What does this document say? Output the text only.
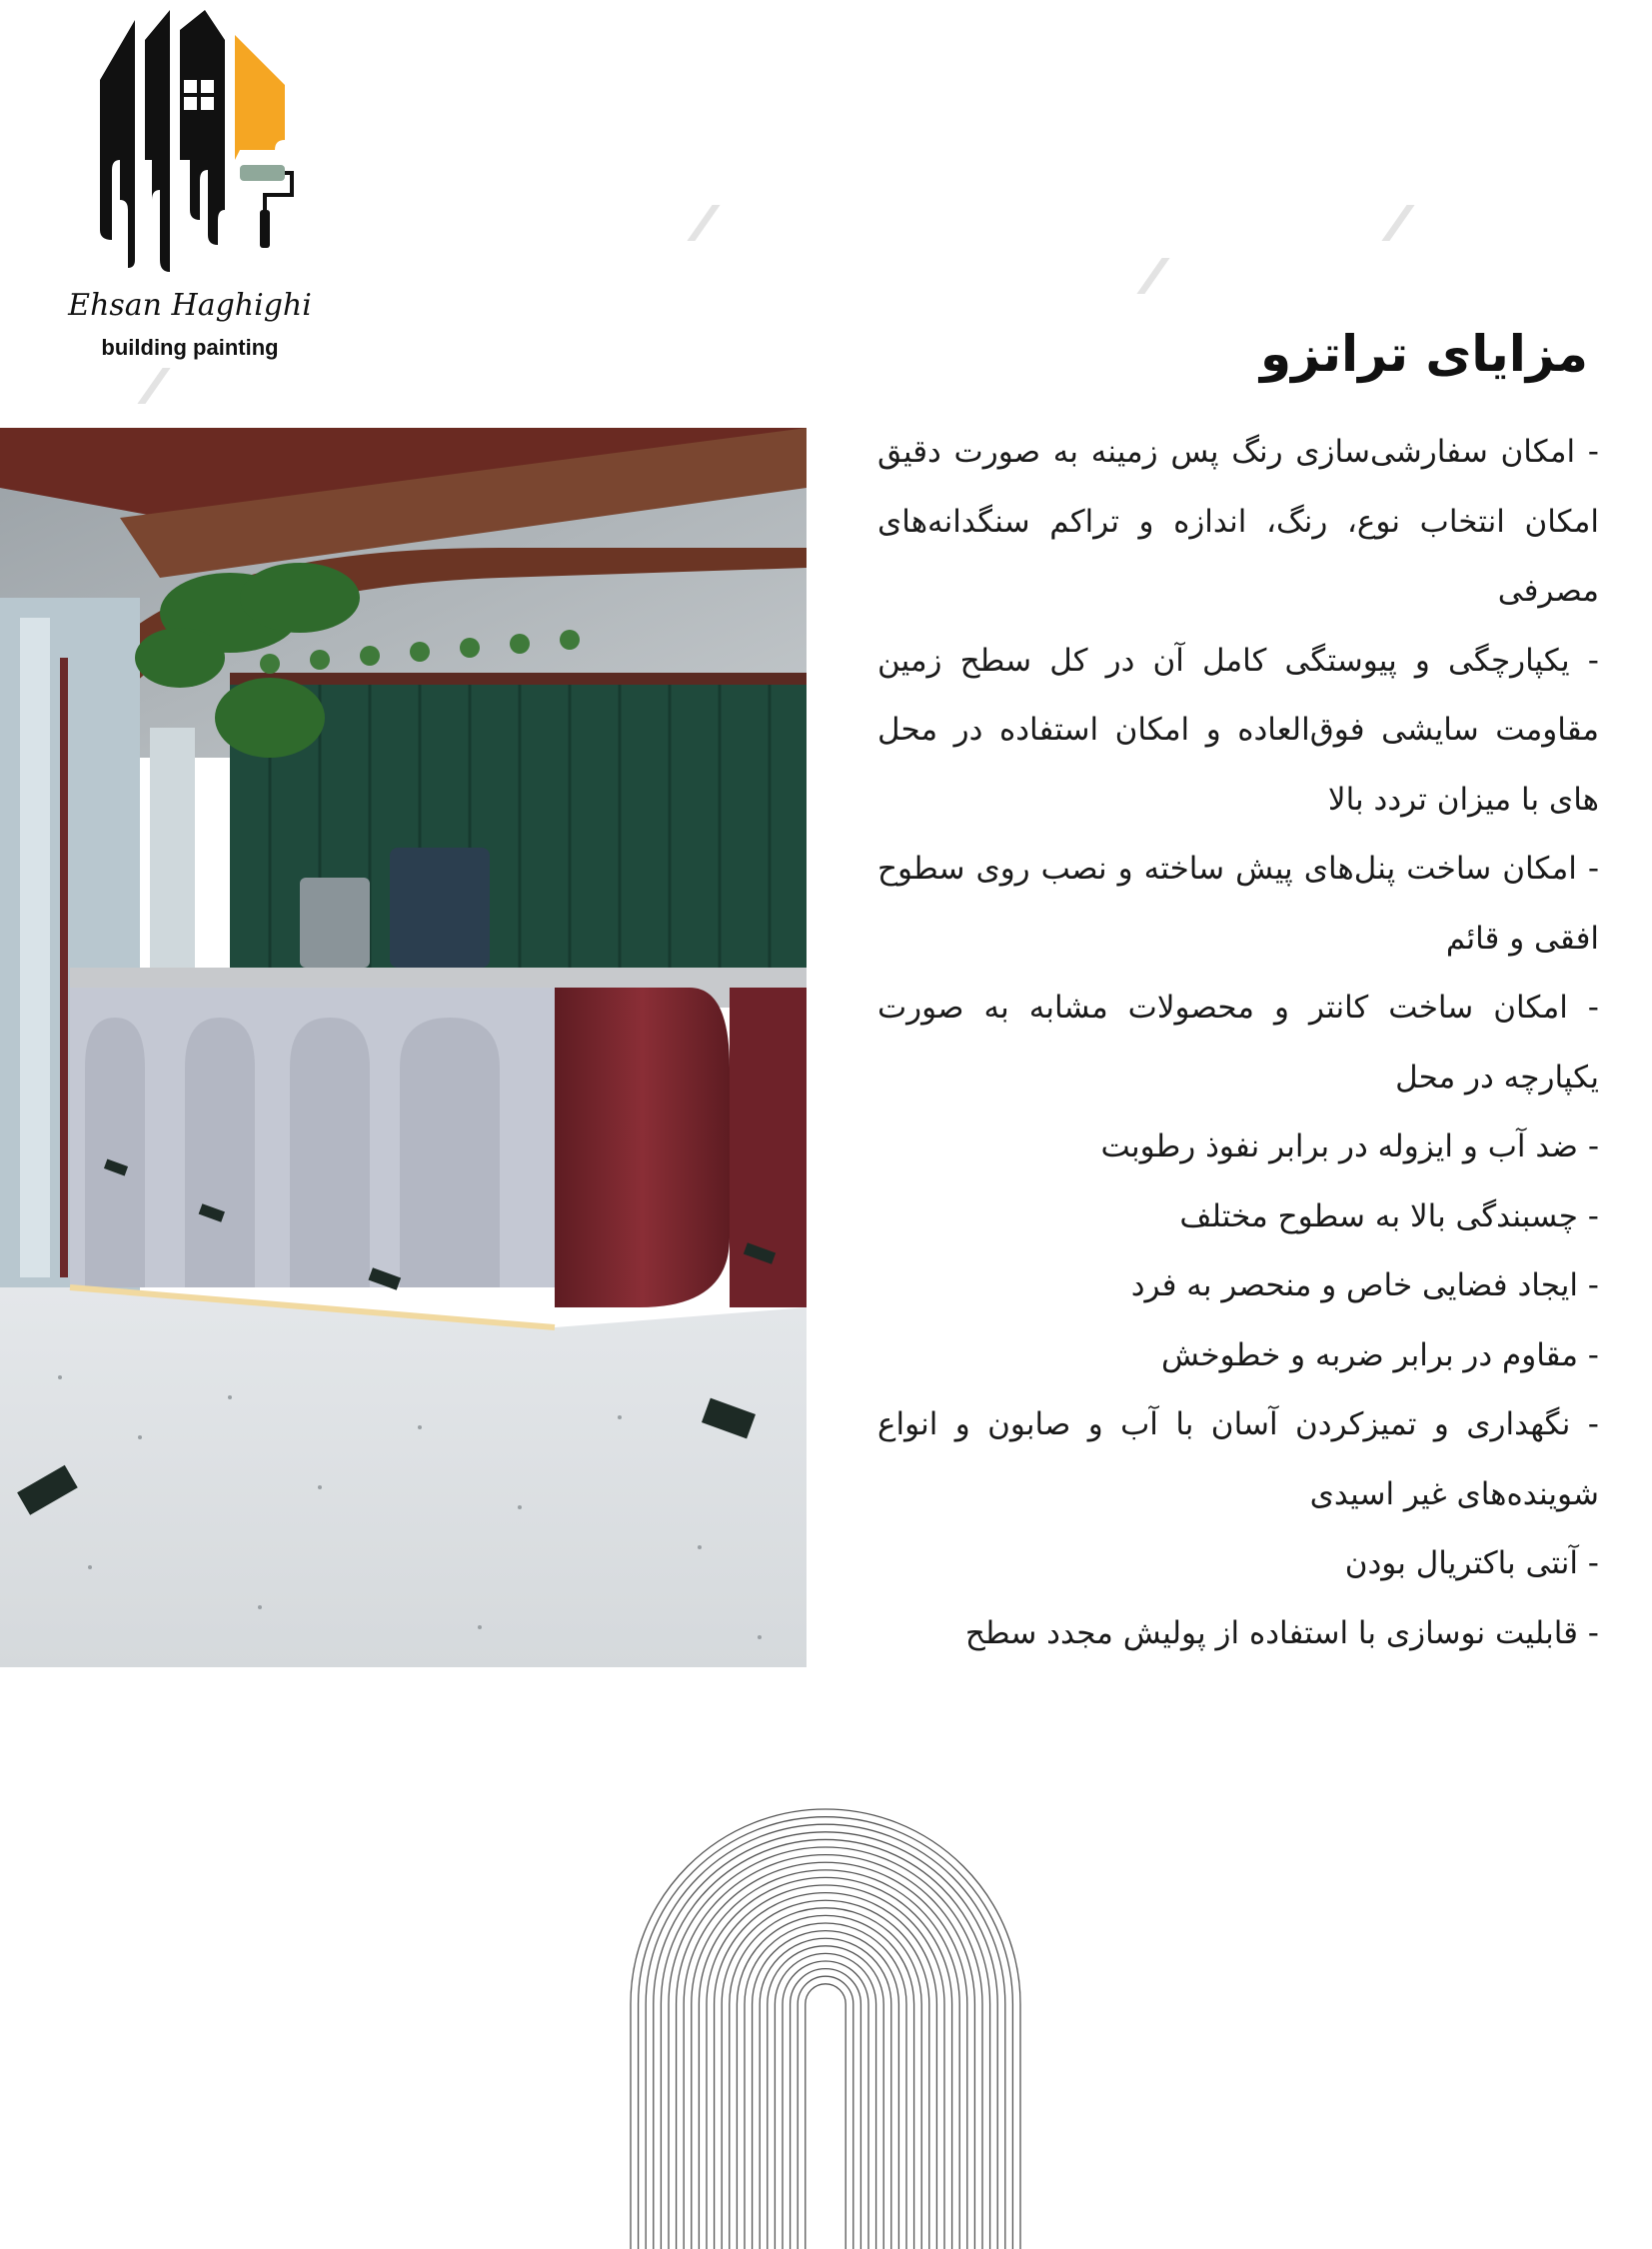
Ehsan Haghighi
building painting	مزایای تراتزو
- امکان سفارشی‌سازی رنگ پس زمینه به صورت دقیق امکان انتخاب نوع، رنگ، اندازه و تراکم سنگدانه‌های مصرفی
- یکپارچگی و پیوستگی کامل آن در کل سطح زمین مقاومت سایشی فوق‌العاده و امکان استفاده در محل های با میزان تردد بالا
- امکان ساخت پنل‌های پیش ساخته و نصب روی سطوح افقی و قائم
- امکان ساخت کانتر و محصولات مشابه به صورت یکپارچه در محل
- ضد آب و ایزوله در برابر نفوذ رطوبت
- چسبندگی بالا به سطوح مختلف
- ایجاد فضایی خاص و منحصر به فرد
- مقاوم در برابر ضربه و خطوخش
- نگهداری و تمیزکردن آسان با آب و صابون و انواع شوینده‌های غیر اسیدی
- آنتی باکتریال بودن
- قابلیت نوسازی با استفاده از پولیش مجدد سطح
